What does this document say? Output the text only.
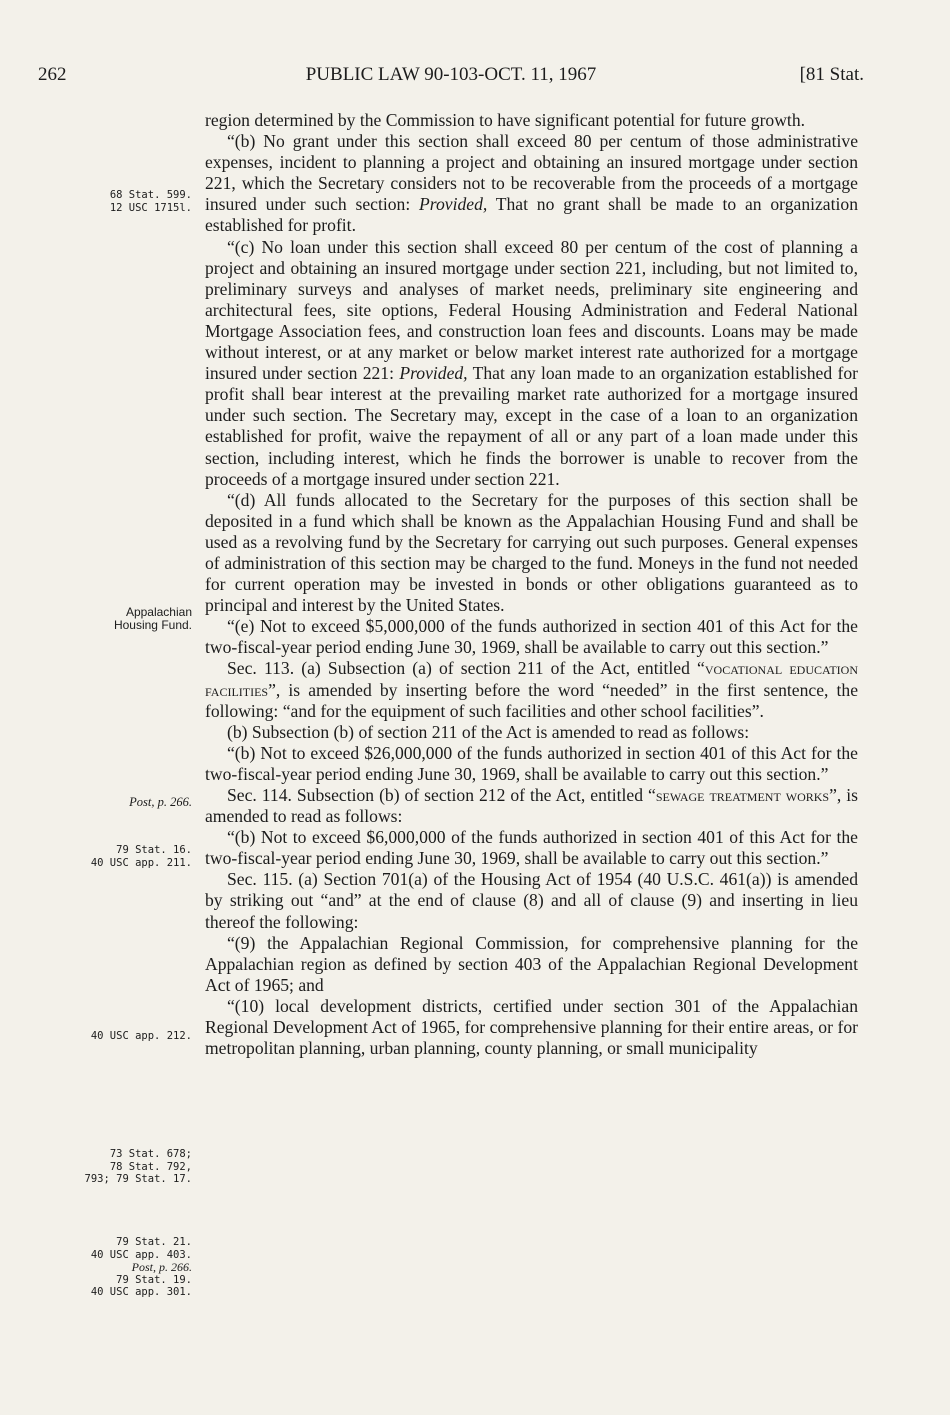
262	PUBLIC LAW 90-103-OCT. 11, 1967	[81 Stat.
68 Stat. 599.
12 USC 1715l.
Appalachian
Housing Fund.
Post, p. 266.
79 Stat. 16.
40 USC app. 211.
40 USC app. 212.
73 Stat. 678;
78 Stat. 792,
793; 79 Stat. 17.
79 Stat. 21.
40 USC app. 403.
Post, p. 266.
79 Stat. 19.
40 USC app. 301.

region determined by the Commission to have significant potential for future growth.

“(b) No grant under this section shall exceed 80 per centum of those administrative expenses, incident to planning a project and obtaining an insured mortgage under section 221, which the Secretary considers not to be recoverable from the proceeds of a mortgage insured under such section: Provided, That no grant shall be made to an organization established for profit.

“(c) No loan under this section shall exceed 80 per centum of the cost of planning a project and obtaining an insured mortgage under section 221, including, but not limited to, preliminary surveys and analyses of market needs, preliminary site engineering and architectural fees, site options, Federal Housing Administration and Federal National Mortgage Association fees, and construction loan fees and discounts. Loans may be made without interest, or at any market or below market interest rate authorized for a mortgage insured under section 221: Provided, That any loan made to an organization established for profit shall bear interest at the prevailing market rate authorized for a mortgage insured under such section. The Secretary may, except in the case of a loan to an organization established for profit, waive the repayment of all or any part of a loan made under this section, including interest, which he finds the borrower is unable to recover from the proceeds of a mortgage insured under section 221.

“(d) All funds allocated to the Secretary for the purposes of this section shall be deposited in a fund which shall be known as the Appalachian Housing Fund and shall be used as a revolving fund by the Secretary for carrying out such purposes. General expenses of administration of this section may be charged to the fund. Moneys in the fund not needed for current operation may be invested in bonds or other obligations guaranteed as to principal and interest by the United States.

“(e) Not to exceed $5,000,000 of the funds authorized in section 401 of this Act for the two-fiscal-year period ending June 30, 1969, shall be available to carry out this section.”

Sec. 113. (a) Subsection (a) of section 211 of the Act, entitled “vocational education facilities”, is amended by inserting before the word “needed” in the first sentence, the following: “and for the equipment of such facilities and other school facilities”.

(b) Subsection (b) of section 211 of the Act is amended to read as follows:

“(b) Not to exceed $26,000,000 of the funds authorized in section 401 of this Act for the two-fiscal-year period ending June 30, 1969, shall be available to carry out this section.”

Sec. 114. Subsection (b) of section 212 of the Act, entitled “sewage treatment works”, is amended to read as follows:

“(b) Not to exceed $6,000,000 of the funds authorized in section 401 of this Act for the two-fiscal-year period ending June 30, 1969, shall be available to carry out this section.”

Sec. 115. (a) Section 701(a) of the Housing Act of 1954 (40 U.S.C. 461(a)) is amended by striking out “and” at the end of clause (8) and all of clause (9) and inserting in lieu thereof the following:

“(9) the Appalachian Regional Commission, for comprehensive planning for the Appalachian region as defined by section 403 of the Appalachian Regional Development Act of 1965; and

“(10) local development districts, certified under section 301 of the Appalachian Regional Development Act of 1965, for comprehensive planning for their entire areas, or for metropolitan planning, urban planning, county planning, or small municipality
